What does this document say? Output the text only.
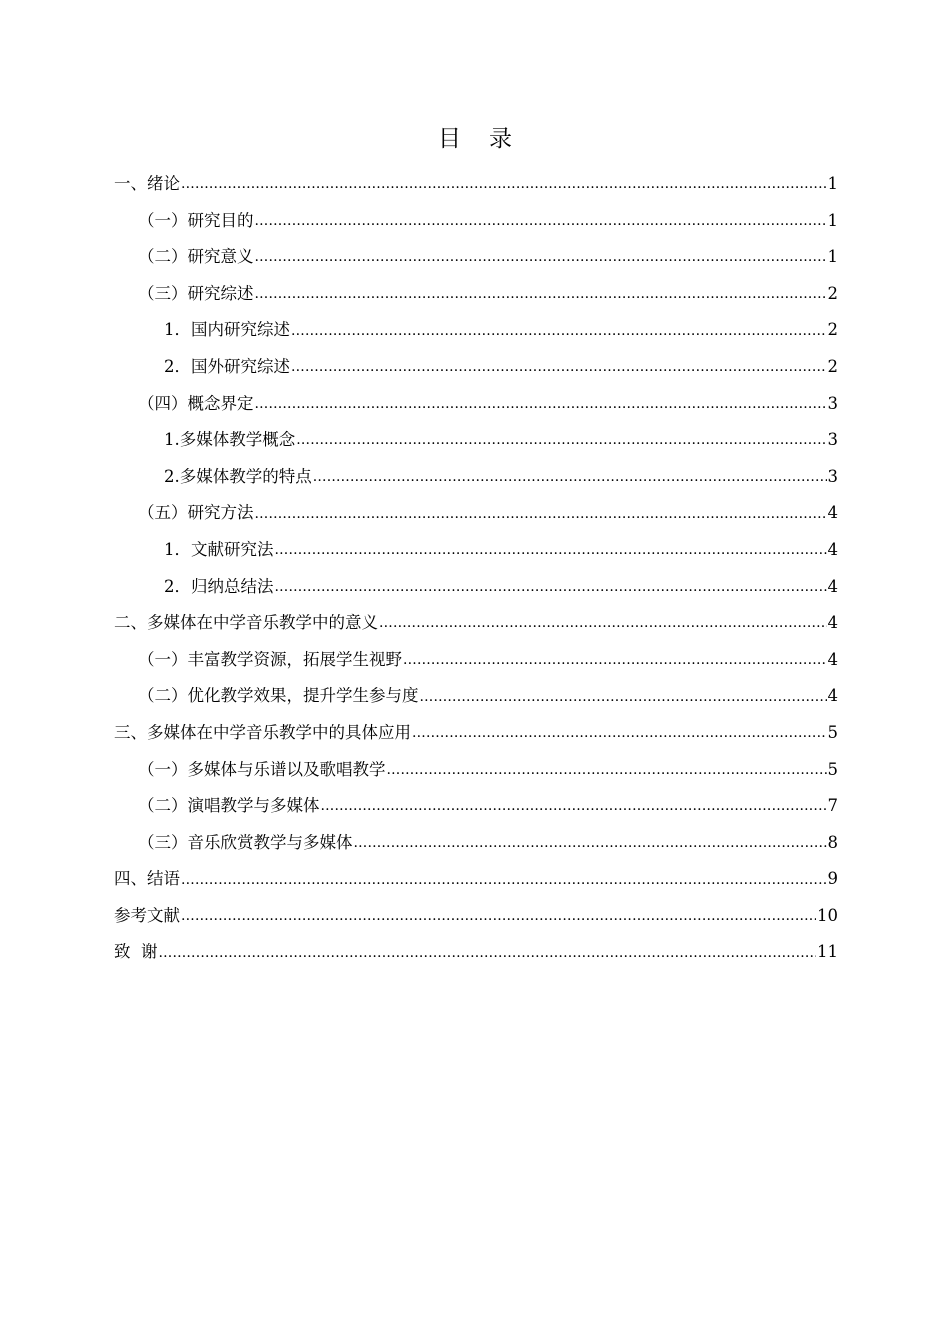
目 录
一、绪论 .....	1
（一）研究目的 .....	1
（二）研究意义 .....	1
（三）研究综述 .....	2
1．国内研究综述 .....	2
2．国外研究综述 .....	2
（四）概念界定 .....	3
1.多媒体教学概念 .....	3
2.多媒体教学的特点 .....	3
（五）研究方法 .....	4
1．文献研究法 .....	4
2．归纳总结法 .....	4
二、多媒体在中学音乐教学中的意义 .....	4
（一）丰富教学资源，拓展学生视野 .....	4
（二）优化教学效果，提升学生参与度 .....	4
三、多媒体在中学音乐教学中的具体应用 .....	5
（一）多媒体与乐谱以及歌唱教学 .....	5
（二）演唱教学与多媒体 .....	7
（三）音乐欣赏教学与多媒体 .....	8
四、结语 .....	9
参考文献 .....	10
致  谢 .....	11
